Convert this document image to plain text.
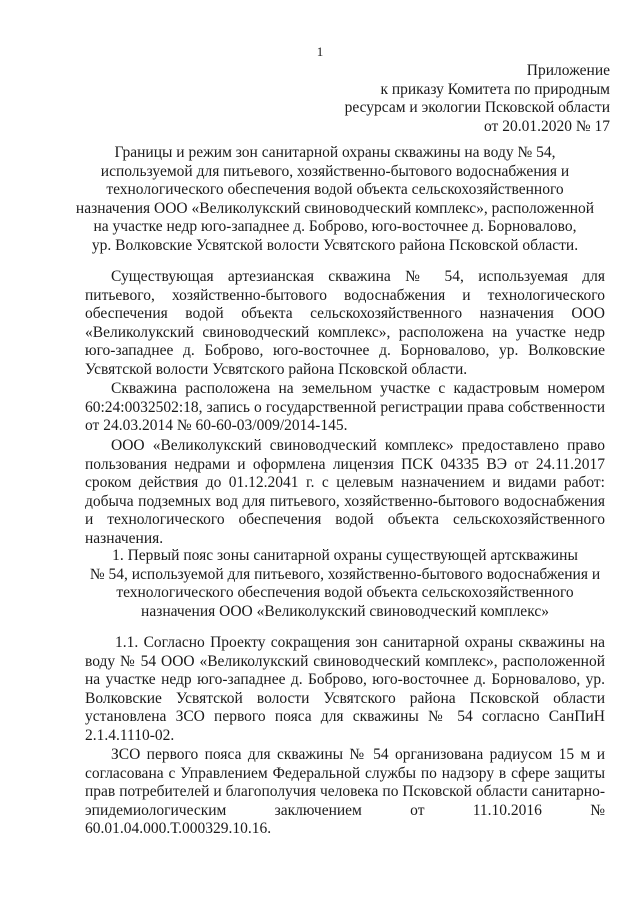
1
Приложение
к приказу Комитета по природным
ресурсам и экологии Псковской области
от 20.01.2020 № 17
Границы и режим зон санитарной охраны скважины на воду № 54,
используемой для питьевого, хозяйственно-бытового водоснабжения и
технологического обеспечения водой объекта сельскохозяйственного
назначения ООО «Великолукский свиноводческий комплекс», расположенной
на участке недр юго-западнее д. Боброво, юго-восточнее д. Борновалово,
ур. Волковские Усвятской волости Усвятского района Псковской области.
Существующая артезианская скважина № 54, используемая для питьевого, хозяйственно-бытового водоснабжения и технологического обеспечения водой объекта сельскохозяйственного назначения ООО «Великолукский свиноводческий комплекс», расположена на участке недр юго-западнее д. Боброво, юго-восточнее д. Борновалово, ур. Волковские Усвятской волости Усвятского района Псковской области.
Скважина расположена на земельном участке с кадастровым номером 60:24:0032502:18, запись о государственной регистрации права собственности от 24.03.2014 № 60-60-03/009/2014-145.
ООО «Великолукский свиноводческий комплекс» предоставлено право пользования недрами и оформлена лицензия ПСК 04335 ВЭ от 24.11.2017 сроком действия до 01.12.2041 г. с целевым назначением и видами работ: добыча подземных вод для питьевого, хозяйственно-бытового водоснабжения и технологического обеспечения водой объекта сельскохозяйственного назначения.
1. Первый пояс зоны санитарной охраны существующей артскважины
№ 54, используемой для питьевого, хозяйственно-бытового водоснабжения и
технологического обеспечения водой объекта сельскохозяйственного
назначения ООО «Великолукский свиноводческий комплекс»
1.1. Согласно Проекту сокращения зон санитарной охраны скважины на воду № 54 ООО «Великолукский свиноводческий комплекс», расположенной на участке недр юго-западнее д. Боброво, юго-восточнее д. Борновалово, ур. Волковские Усвятской волости Усвятского района Псковской области установлена ЗСО первого пояса для скважины № 54 согласно СанПиН 2.1.4.1110-02.
ЗСО первого пояса для скважины № 54 организована радиусом 15 м и согласована с Управлением Федеральной службы по надзору в сфере защиты прав потребителей и благополучия человека по Псковской области санитарно-эпидемиологическим заключением от 11.10.2016 № 60.01.04.000.Т.000329.10.16.
